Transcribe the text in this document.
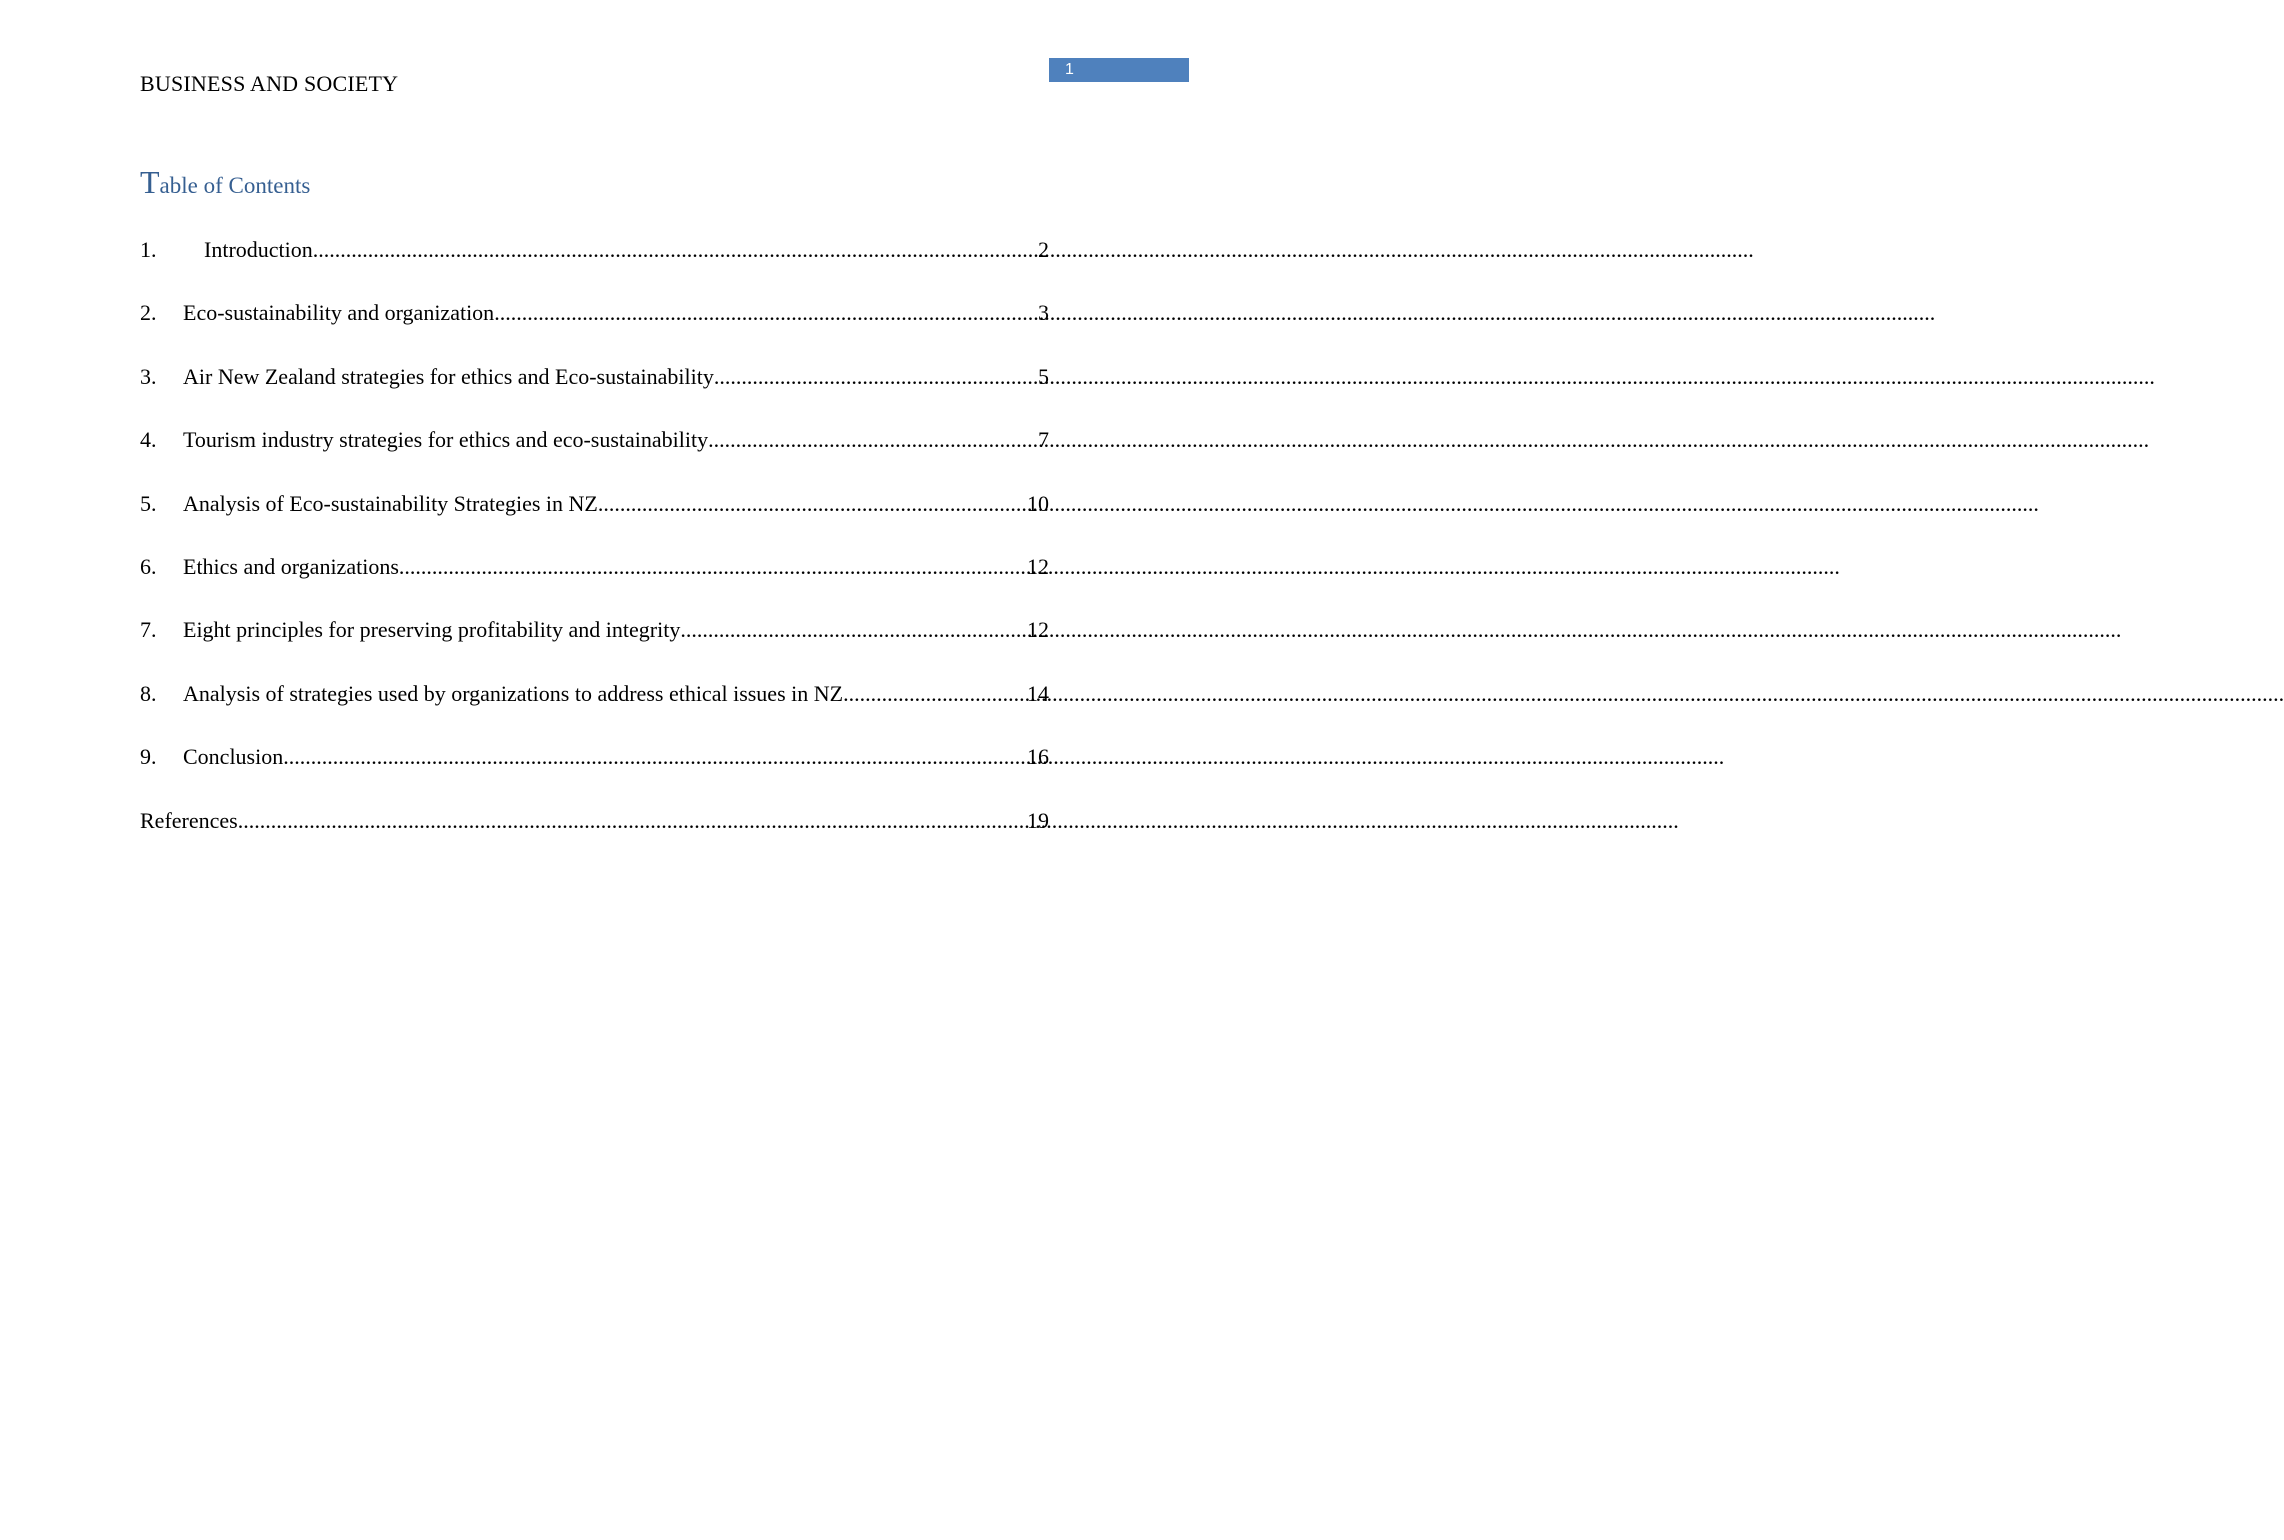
1
BUSINESS AND SOCIETY
Table of Contents
1.	Introduction .....	2
2.	Eco-sustainability and organization .....	3
3.	Air New Zealand strategies for ethics and Eco-sustainability .....	5
4.	Tourism industry strategies for ethics and eco-sustainability .....	7
5.	Analysis of Eco-sustainability Strategies in NZ .....	10
6.	Ethics and organizations .....	12
7.	Eight principles for preserving profitability and integrity .....	12
8.	Analysis of strategies used by organizations to address ethical issues in NZ .....	14
9.	Conclusion .....	16
References .....	19
